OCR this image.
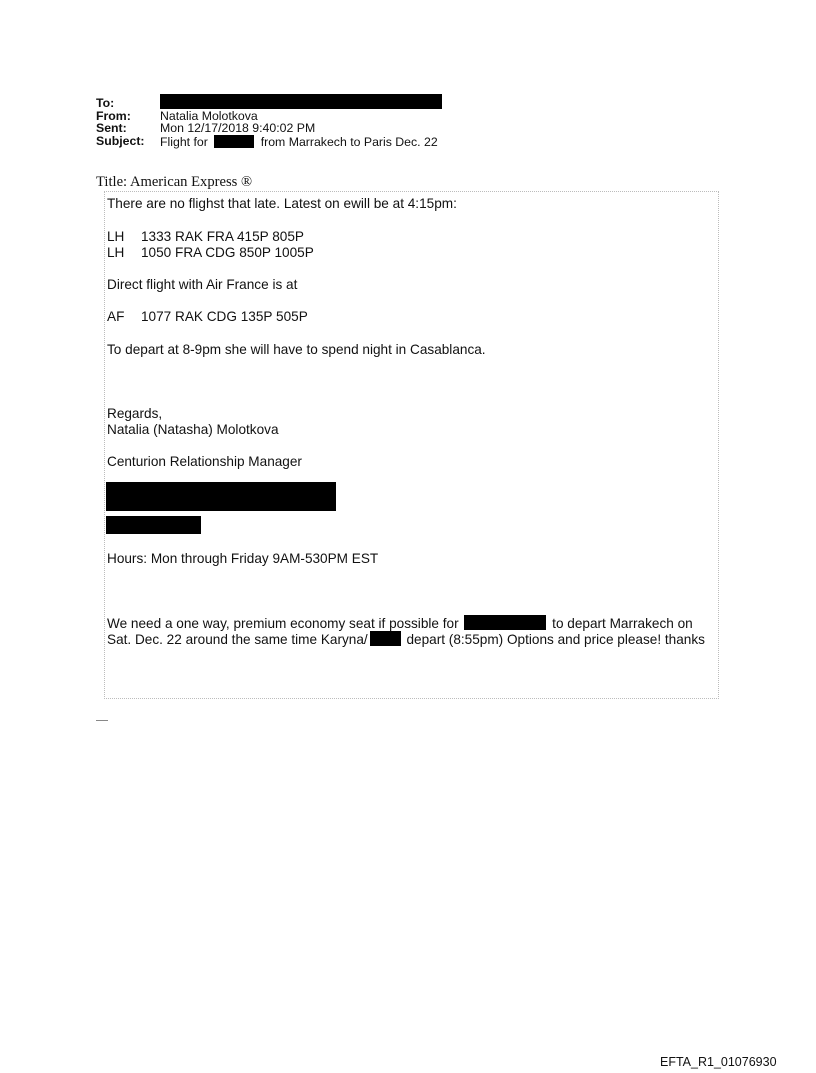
To:
From: Natalia Molotkova
Sent:	Mon 12/17/2018 9:40:02 PM
Subject: Flight for	from Marrakech to Paris Dec. 22
Title: American Express ®
There are no flighst that late. Latest on ewill be at 4:15pm:
LH 1333 RAK FRA 415P 805P
LH 1050 FRA CDG 850P 1005P
Direct flight with Air France is at
AF 1077 RAK CDG 135P 505P
To depart at 8-9pm she will have to spend night in Casablanca.
Regards,
Natalia (Natasha) Molotkova
Centurion Relationship Manager
Hours: Mon through Friday 9AM-530PM EST
We need a one way, premium economy seat if possible for	to depart Marrakech on
Sat. Dec. 22 around the same time Karyna/	depart (8:55pm) Options and price please! thanks
EFTA_R1_01076930
